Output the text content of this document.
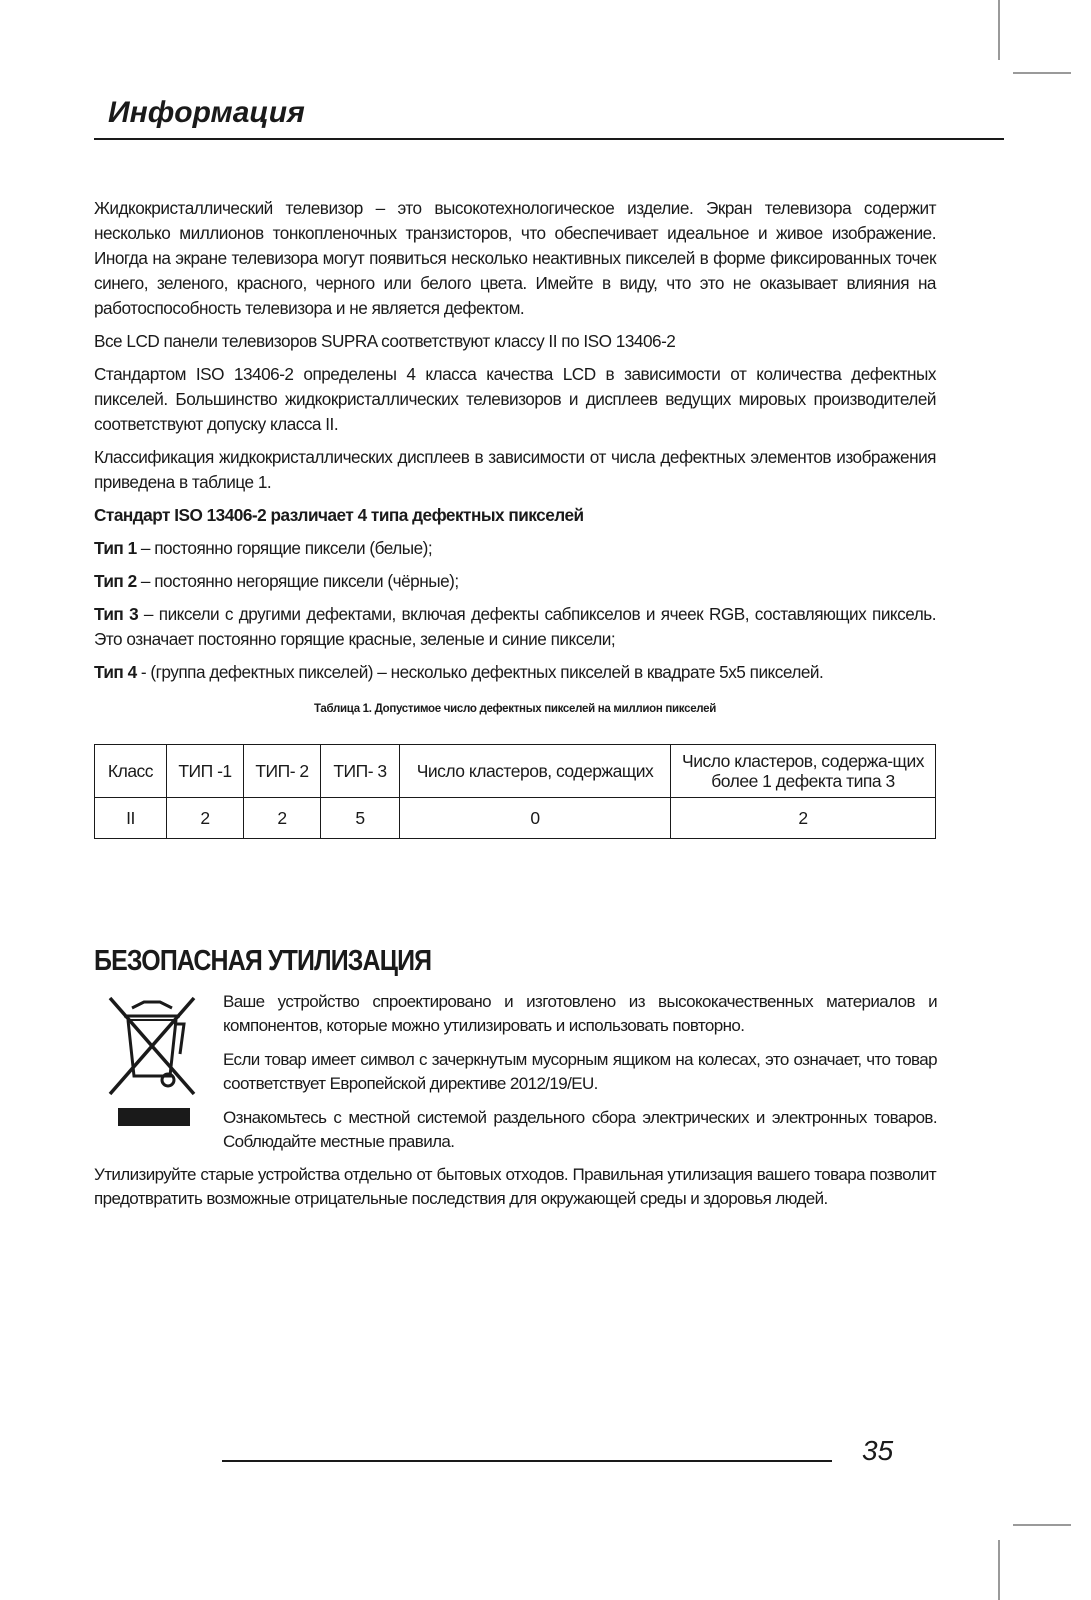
Информация

Жидкокристаллический телевизор – это высокотехнологическое изделие. Экран телевизора содержит несколько миллионов тонкопленочных транзисторов, что обеспечивает идеальное и живое изображение. Иногда на экране телевизора могут появиться несколько неактивных пикселей в форме фиксированных точек синего, зеленого, красного, черного или белого цвета. Имейте в виду, что это не оказывает влияния на работоспособность телевизора и не является дефектом.

Все LCD панели телевизоров SUPRA соответствуют классу II по ISO 13406-2

Стандартом ISO 13406-2 определены 4 класса качества LCD в зависимости от количества дефектных пикселей. Большинство жидкокристаллических телевизоров и дисплеев ведущих мировых производителей соответствуют допуску класса II.

Классификация жидкокристаллических дисплеев в зависимости от числа дефектных элементов изображения приведена в таблице 1.

Стандарт ISO 13406-2 различает 4 типа дефектных пикселей

Тип 1 – постоянно горящие пиксели (белые);

Тип 2 – постоянно негорящие пиксели (чёрные);

Тип 3 – пиксели с другими дефектами, включая дефекты сабпикселов и ячеек RGB, составляющих пиксель. Это означает постоянно горящие красные, зеленые и синие пиксели;

Тип 4 - (группа дефектных пикселей) – несколько дефектных пикселей в квадрате 5х5 пикселей.

Таблица 1. Допустимое число дефектных пикселей на миллион пикселей
Класс	ТИП -1	ТИП- 2	ТИП- 3	Число кластеров, содержащих	Число кластеров, содержа-щих более 1 дефекта типа 3
II	2	2	5	0	2
БЕЗОПАСНАЯ УТИЛИЗАЦИЯ

Ваше устройство спроектировано и изготовлено из высококачественных материалов и компонентов, которые можно утилизировать и использовать повторно.

Если товар имеет символ с зачеркнутым мусорным ящиком на колесах, это означает, что товар соответствует Европейской директиве 2012/19/EU.

Ознакомьтесь с местной системой раздельного сбора электрических и электронных товаров. Соблюдайте местные правила.

Утилизируйте старые устройства отдельно от бытовых отходов. Правильная утилизация вашего товара позволит предотвратить возможные отрицательные последствия для окружающей среды и здоровья людей.
35
